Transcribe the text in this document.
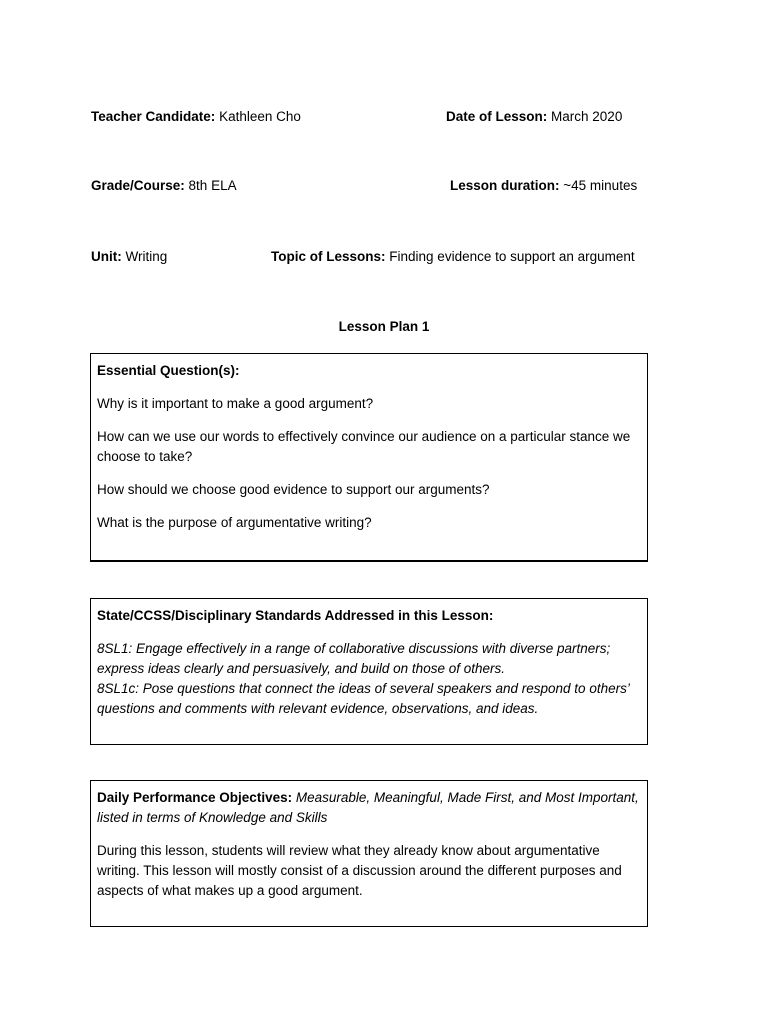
Teacher Candidate: Kathleen Cho	Date of Lesson: March 2020
Grade/Course: 8th ELA	Lesson duration: ~45 minutes
Unit: Writing	Topic of Lessons: Finding evidence to support an argument
Lesson Plan 1

Essential Question(s):

Why is it important to make a good argument?

How can we use our words to effectively convince our audience on a particular stance we choose to take?

How should we choose good evidence to support our arguments?

What is the purpose of argumentative writing?

State/CCSS/Disciplinary Standards Addressed in this Lesson:

8SL1: Engage effectively in a range of collaborative discussions with diverse partners; express ideas clearly and persuasively, and build on those of others.

8SL1c: Pose questions that connect the ideas of several speakers and respond to others’ questions and comments with relevant evidence, observations, and ideas.

Daily Performance Objectives: Measurable, Meaningful, Made First, and Most Important, listed in terms of Knowledge and Skills

During this lesson, students will review what they already know about argumentative writing. This lesson will mostly consist of a discussion around the different purposes and aspects of what makes up a good argument.
